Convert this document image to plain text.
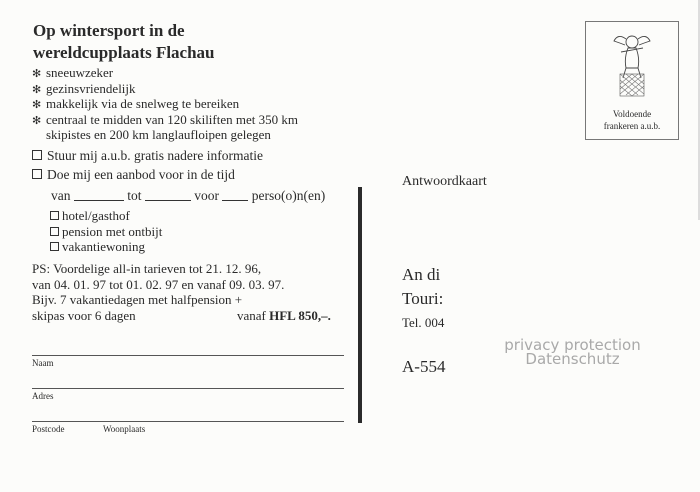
Op wintersport in de
wereldcupplaats Flachau
✻ sneeuwzeker
✻ gezinsvriendelijk
✻ makkelijk via de snelweg te bereiken
✻ centraal te midden van 120 skiliften met 350 km
skipistes en 200 km langlaufloipen gelegen
Stuur mij a.u.b. gratis nadere informatie
Doe mij een aanbod voor in de tijd
van	tot	voor perso(o)n(en)
hotel/gasthof
pension met ontbijt
vakantiewoning
PS: Voordelige all-in tarieven tot 21. 12. 96,
van 04. 01. 97 tot 01. 02. 97 en vanaf 09. 03. 97.
Bijv. 7 vakantiedagen met halfpension +
skipas voor 6 dagen	vanaf HFL 850,–.
Naam
Adres
Postcode	Woonplaats
Voldoende
frankeren a.u.b.
Antwoordkaart
An di
Touri:
Tel. 004
A-554
privacy protection
Datenschutz
